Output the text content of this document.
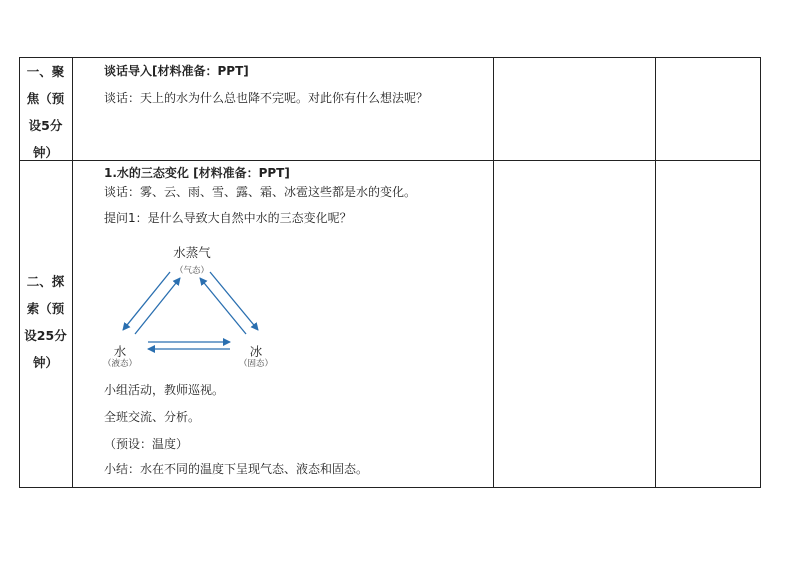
一、聚
焦（预
设5分
钟）
谈话导入[材料准备：PPT]
谈话：天上的水为什么总也降不完呢。对此你有什么想法呢？
二、探
索（预
设25分
钟）
1.水的三态变化 [材料准备：PPT]
谈话：雾、云、雨、雪、露、霜、冰雹这些都是水的变化。
提问1：是什么导致大自然中水的三态变化呢？
水蒸气
（气态）
水
（液态）
冰
（固态）
小组活动，教师巡视。
全班交流、分析。
（预设：温度）
小结：水在不同的温度下呈现气态、液态和固态。
